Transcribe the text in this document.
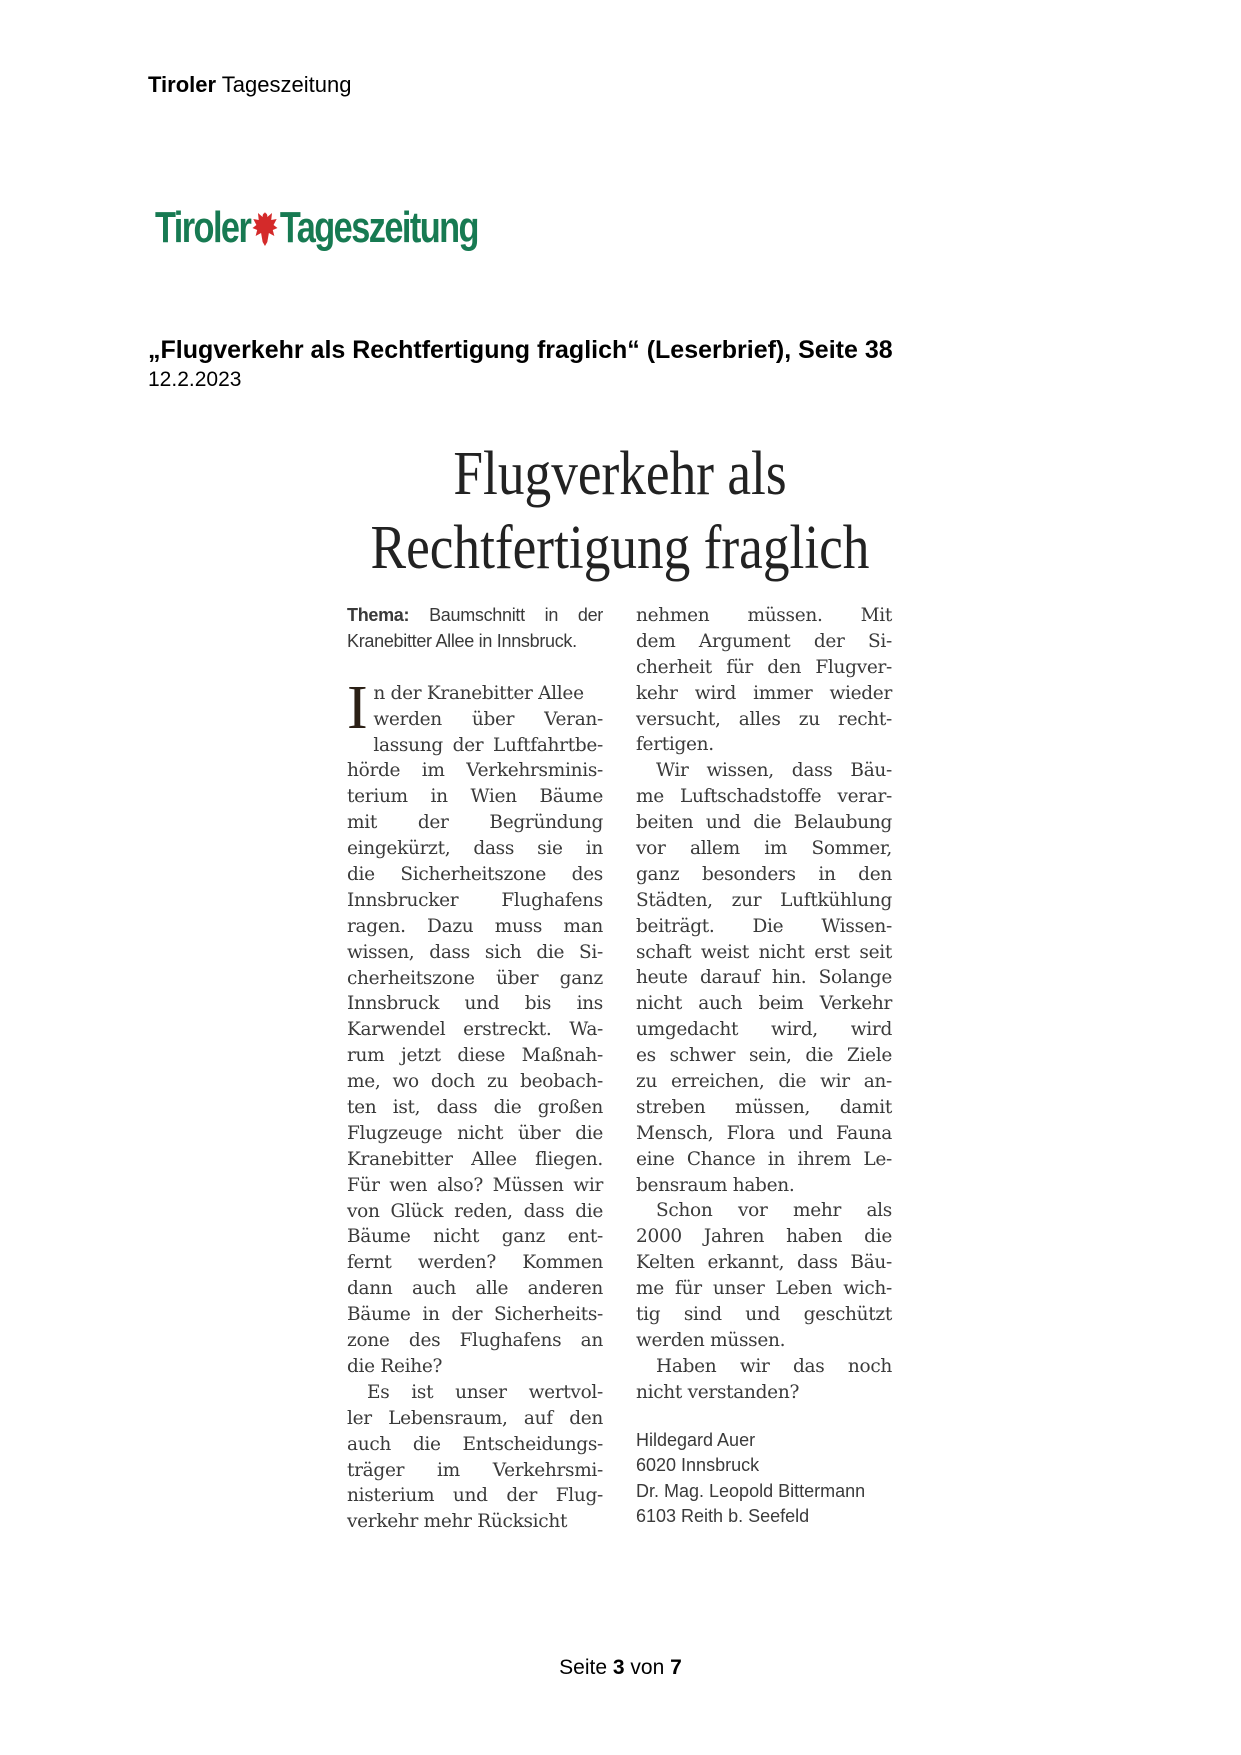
Tiroler Tageszeitung
Tiroler Tageszeitung
„Flugverkehr als Rechtfertigung fraglich“ (Leserbrief), Seite 38
12.2.2023
Flugverkehr als
Rechtfertigung fraglich
Thema: Baumschnitt in der
Kranebitter Allee in Innsbruck.
In der Kranebitter Allee
werden über Veran-
lassung der Luftfahrtbe-
hörde im Verkehrsminis-
terium in Wien Bäume
mit der Begründung
eingekürzt, dass sie in
die Sicherheitszone des
Innsbrucker Flughafens
ragen. Dazu muss man
wissen, dass sich die Si-
cherheitszone über ganz
Innsbruck und bis ins
Karwendel erstreckt. Wa-
rum jetzt diese Maßnah-
me, wo doch zu beobach-
ten ist, dass die großen
Flugzeuge nicht über die
Kranebitter Allee fliegen.
Für wen also? Müssen wir
von Glück reden, dass die
Bäume nicht ganz ent-
fernt werden? Kommen
dann auch alle anderen
Bäume in der Sicherheits-
zone des Flughafens an
die Reihe?
Es ist unser wertvol-
ler Lebensraum, auf den
auch die Entscheidungs-
träger im Verkehrsmi-
nisterium und der Flug-
verkehr mehr Rücksicht
nehmen müssen. Mit
dem Argument der Si-
cherheit für den Flugver-
kehr wird immer wieder
versucht, alles zu recht-
fertigen.
Wir wissen, dass Bäu-
me Luftschadstoffe verar-
beiten und die Belaubung
vor allem im Sommer,
ganz besonders in den
Städten, zur Luftkühlung
beiträgt. Die Wissen-
schaft weist nicht erst seit
heute darauf hin. Solange
nicht auch beim Verkehr
umgedacht wird, wird
es schwer sein, die Ziele
zu erreichen, die wir an-
streben müssen, damit
Mensch, Flora und Fauna
eine Chance in ihrem Le-
bensraum haben.
Schon vor mehr als
2000 Jahren haben die
Kelten erkannt, dass Bäu-
me für unser Leben wich-
tig sind und geschützt
werden müssen.
Haben wir das noch
nicht verstanden?
Hildegard Auer
6020 Innsbruck
Dr. Mag. Leopold Bittermann
6103 Reith b. Seefeld
Seite 3 von 7
